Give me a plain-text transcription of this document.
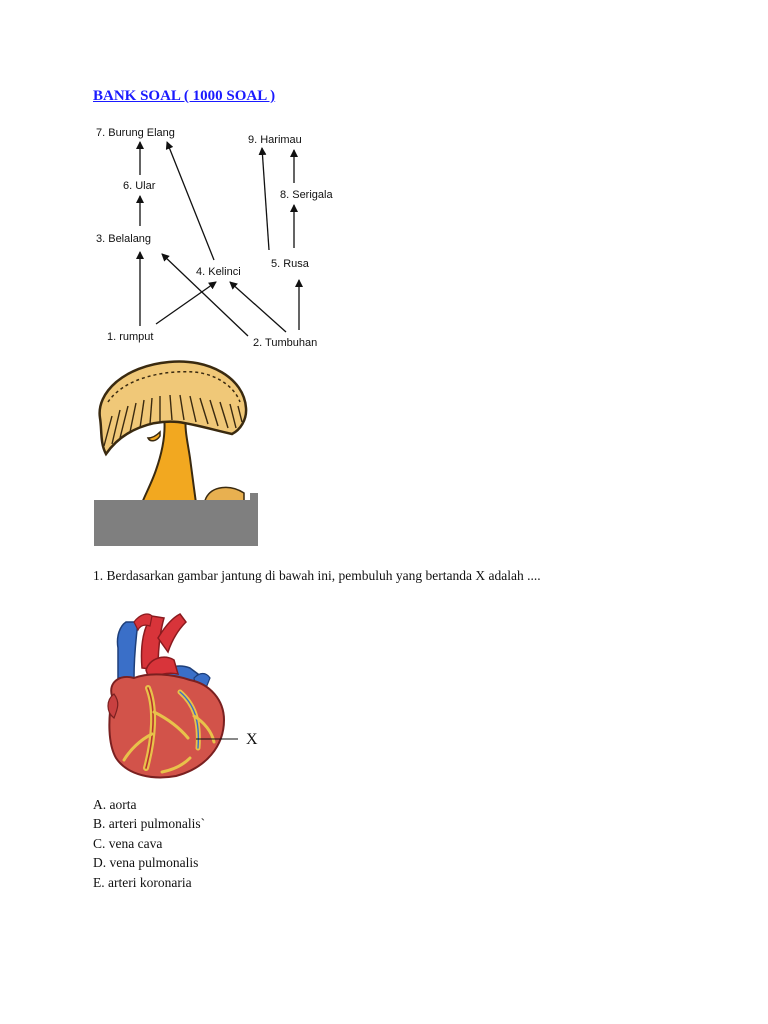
BANK SOAL ( 1000 SOAL )

7. Burung Elang
9. Harimau
6. Ular
8. Serigala
3. Belalang
4. Kelinci
5. Rusa
1. rumput	2. Tumbuhan

1. Berdasarkan gambar jantung di bawah ini, pembuluh yang bertanda X adalah ....

X
A. aorta
B. arteri pulmonalis`
C. vena cava
D. vena pulmonalis
E. arteri koronaria
